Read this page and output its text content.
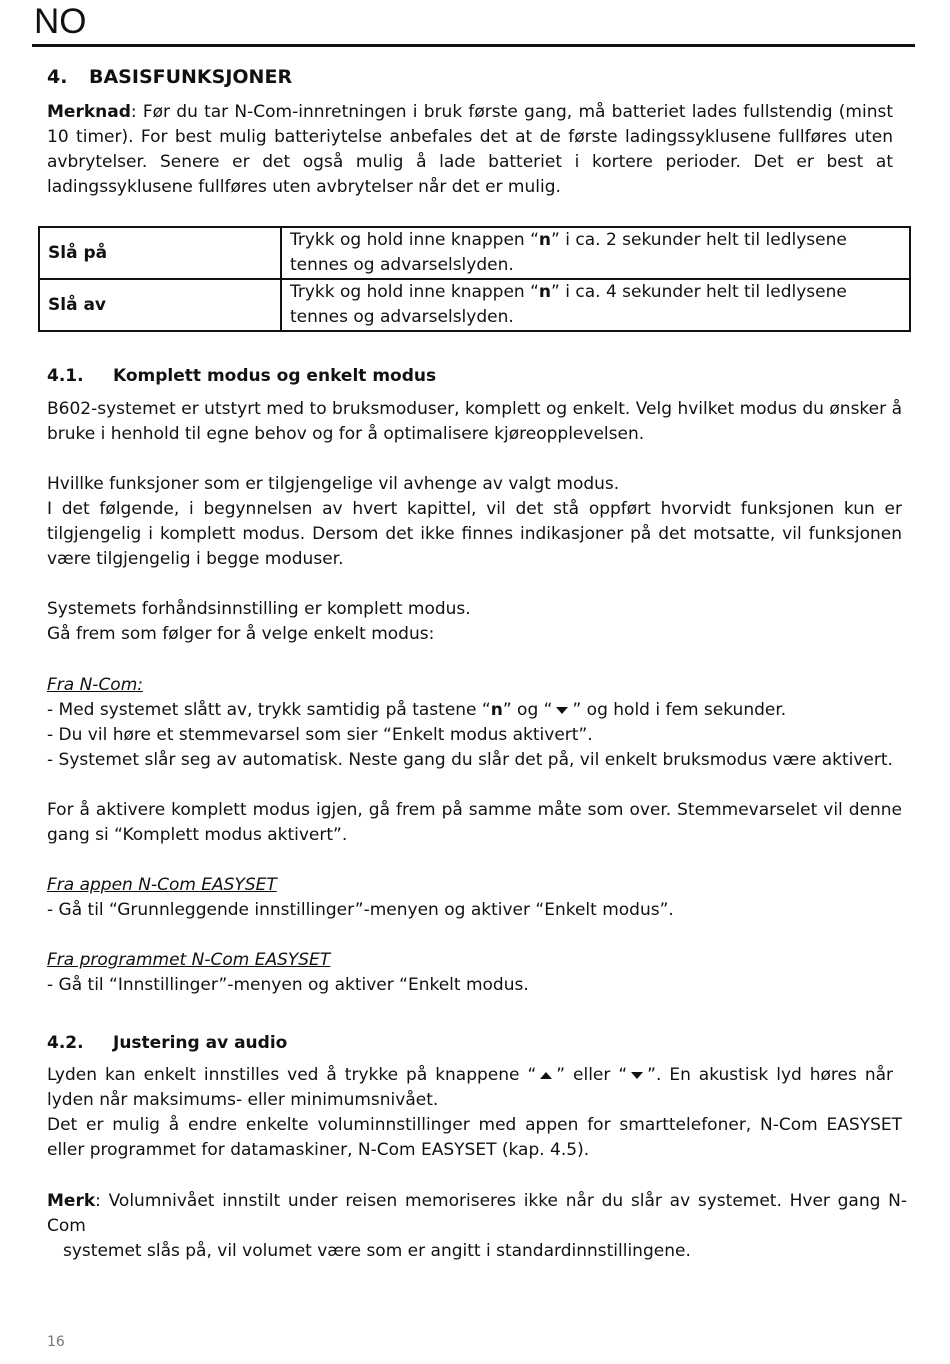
NO
4. BASISFUNKSJONER
Merknad: Før du tar N-Com-innretningen i bruk første gang, må batteriet lades fullstendig (minst 10 timer). For best mulig batteriytelse anbefales det at de første ladingssyklusene fullføres uten avbrytelser. Senere er det også mulig å lade batteriet i kortere perioder. Det er best at ladingssyklusene fullføres uten avbrytelser når det er mulig.
Slå på	Trykk og hold inne knappen “n” i ca. 2 sekunder helt til ledlysene tennes og advarselslyden.
Slå av	Trykk og hold inne knappen “n” i ca. 4 sekunder helt til ledlysene tennes og advarselslyden.
4.1. Komplett modus og enkelt modus
B602-systemet er utstyrt med to bruksmoduser, komplett og enkelt. Velg hvilket modus du ønsker å bruke i henhold til egne behov og for å optimalisere kjøreopplevelsen.
Hvillke funksjoner som er tilgjengelige vil avhenge av valgt modus.
I det følgende, i begynnelsen av hvert kapittel, vil det stå oppført hvorvidt funksjonen kun er tilgjengelig i komplett modus. Dersom det ikke finnes indikasjoner på det motsatte, vil funksjonen være tilgjengelig i begge moduser.
Systemets forhåndsinnstilling er komplett modus.
Gå frem som følger for å velge enkelt modus:
Fra N-Com:
- Med systemet slått av, trykk samtidig på tastene “n” og “ ” og hold i fem sekunder.
- Du vil høre et stemmevarsel som sier “Enkelt modus aktivert”.
- Systemet slår seg av automatisk. Neste gang du slår det på, vil enkelt bruksmodus være aktivert.
For å aktivere komplett modus igjen, gå frem på samme måte som over. Stemmevarselet vil denne gang si “Komplett modus aktivert”.
Fra appen N-Com EASYSET
- Gå til “Grunnleggende innstillinger”-menyen og aktiver “Enkelt modus”.
Fra programmet N-Com EASYSET
- Gå til “Innstillinger”-menyen og aktiver “Enkelt modus.
4.2. Justering av audio
Lyden kan enkelt innstilles ved å trykke på knappene “ ” eller “ ”. En akustisk lyd høres når lyden når maksimums- eller minimumsnivået.
Det er mulig å endre enkelte voluminnstillinger med appen for smarttelefoner, N-Com EASYSET eller programmet for datamaskiner, N-Com EASYSET (kap. 4.5).
Merk: Volumnivået innstilt under reisen memoriseres ikke når du slår av systemet. Hver gang N-Com
systemet slås på, vil volumet være som er angitt i standardinnstillingene.
16
